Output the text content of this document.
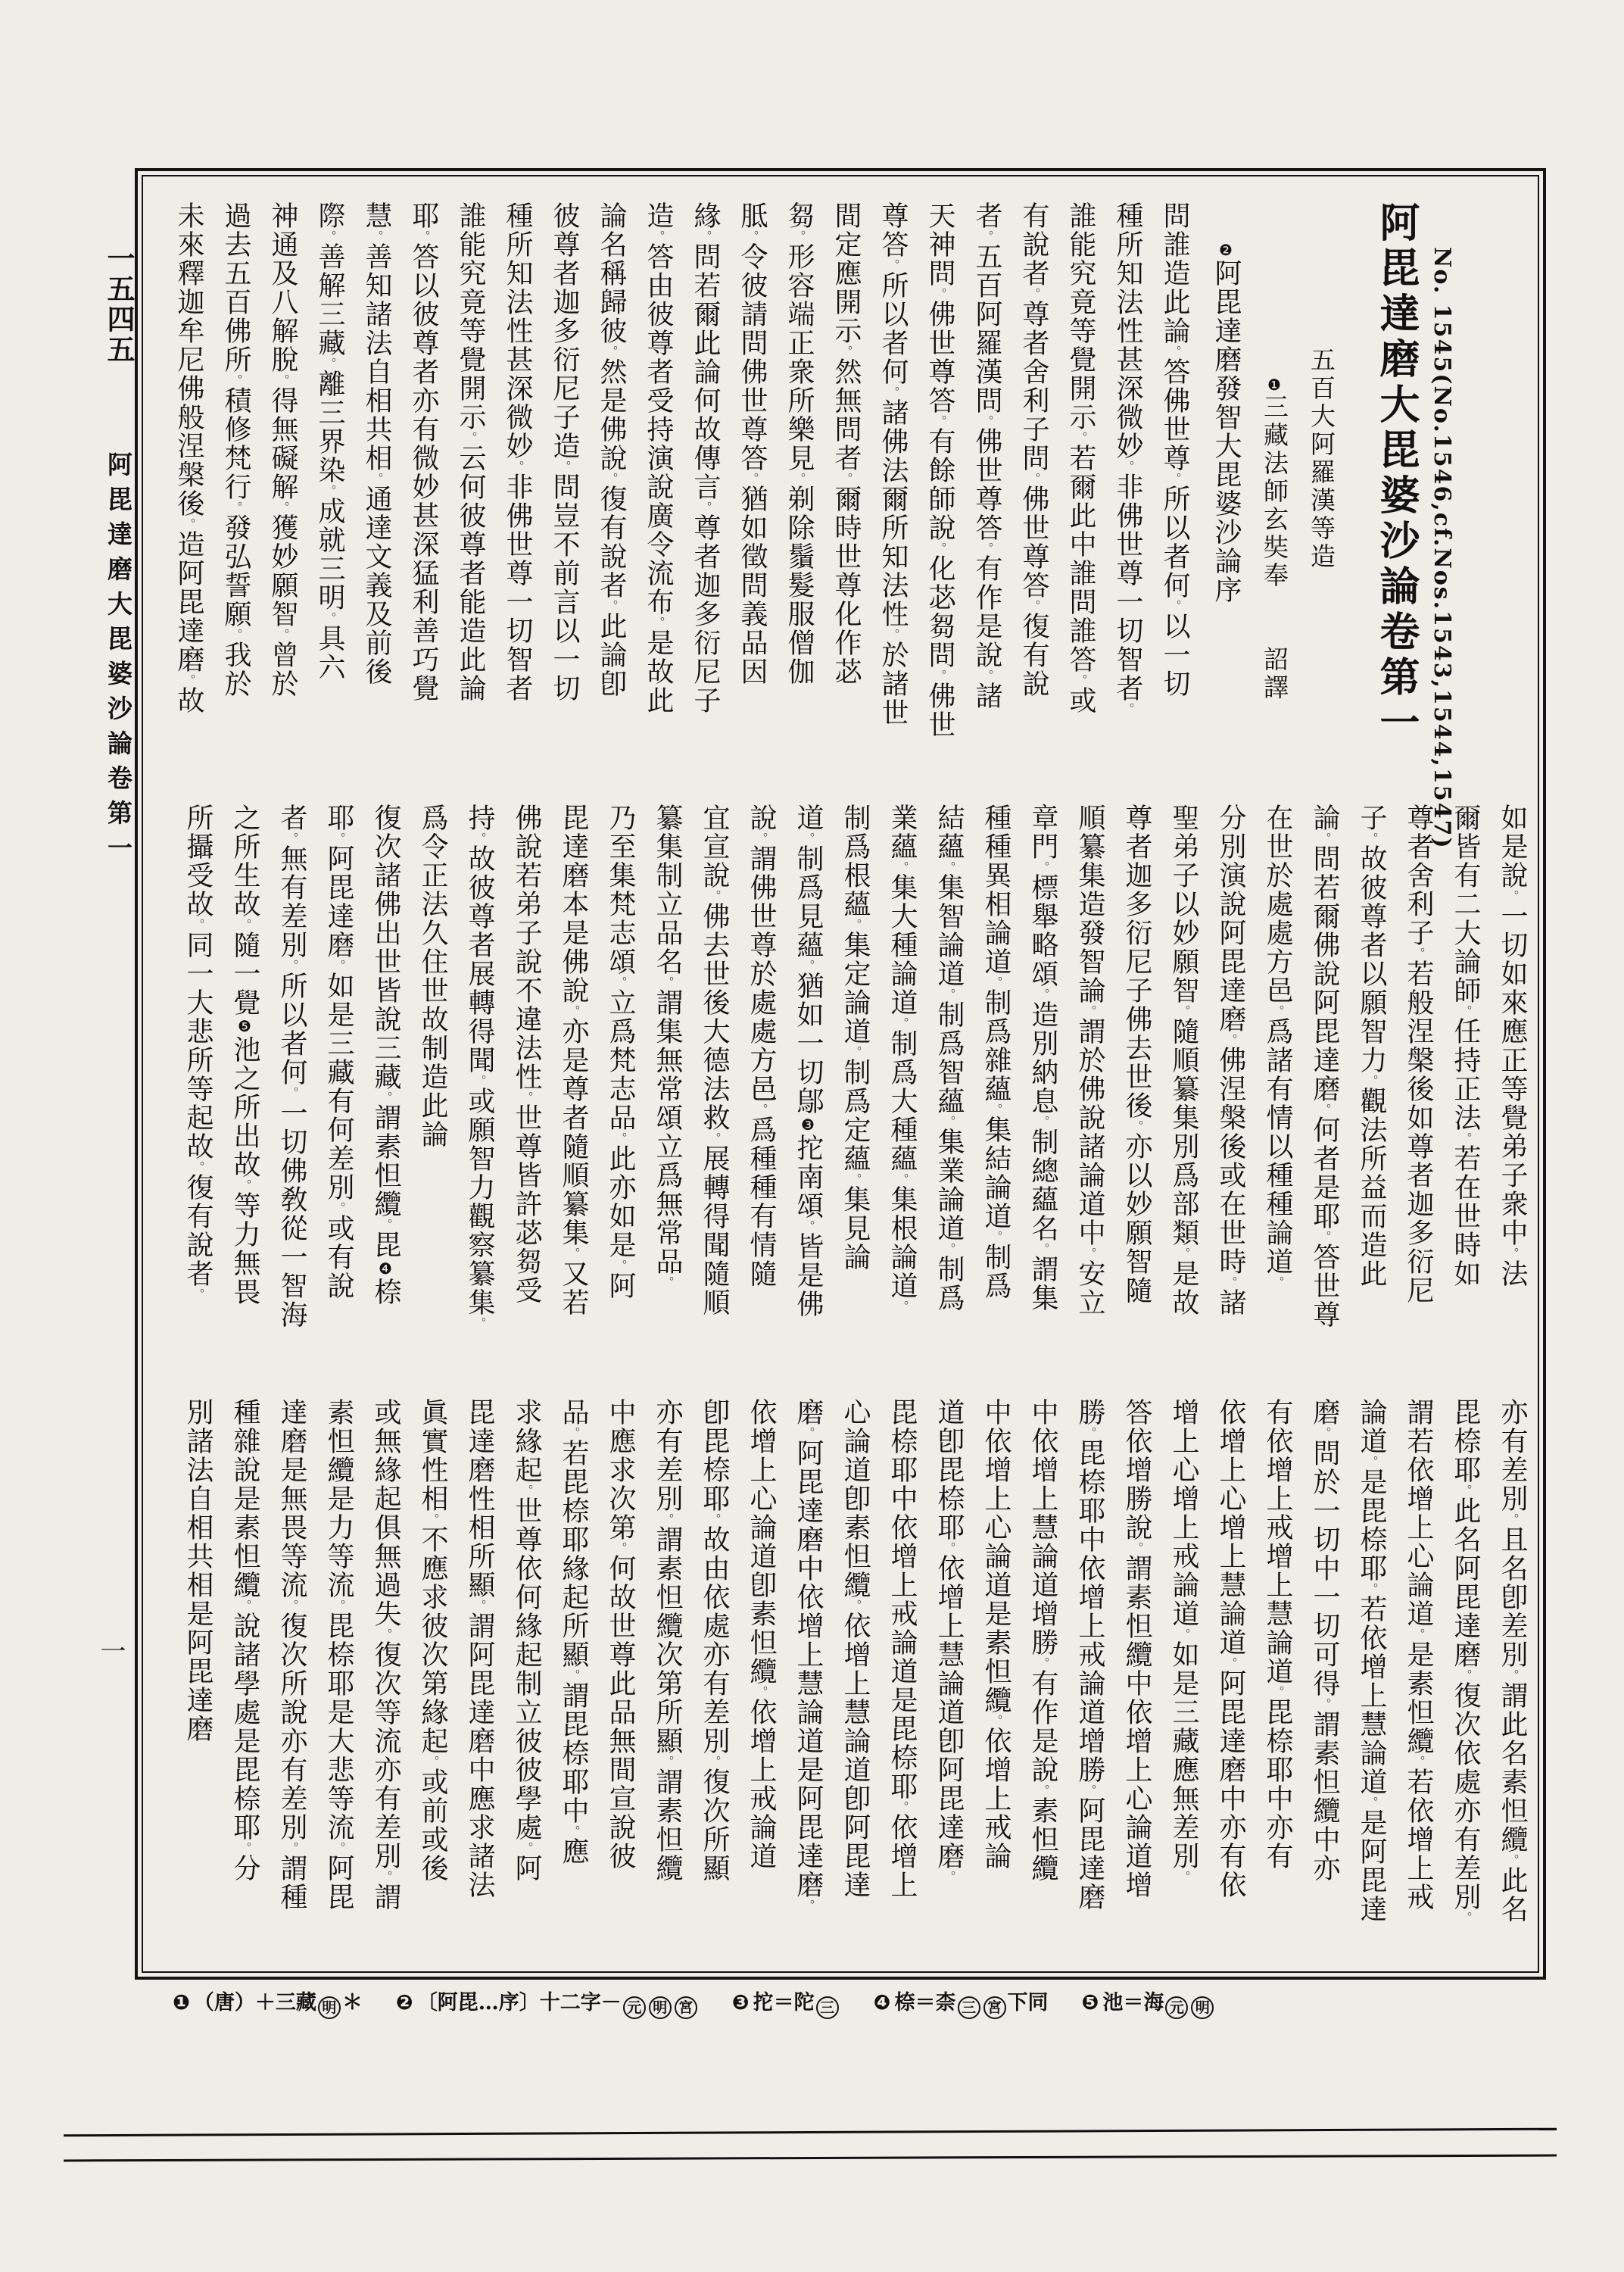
一五四五
阿毘達磨大毘婆沙論卷第一
一
No. 1545(No.1546,cf.Nos.1543,1544,1547)
阿毘達磨大毘婆沙論卷第一
五百大阿羅漢等造
❶三藏法師玄奘奉　　詔譯
❷阿毘達磨發智大毘婆沙論序
問誰造此論。答佛世尊。所以者何。以一切
種所知法性甚深微妙。非佛世尊一切智者。
誰能究竟等覺開示。若爾此中誰問誰答。或
有說者。尊者舍利子問。佛世尊答。復有說
者。五百阿羅漢問。佛世尊答。有作是說。諸
天神問。佛世尊答。有餘師說。化苾芻問。佛世
尊答。所以者何。諸佛法爾所知法性。於諸世
間定應開示。然無問者。爾時世尊化作苾
芻。形容端正衆所樂見。剃除鬚髮服僧伽
胝。令彼請問佛世尊答。猶如徵問義品因
緣。問若爾此論何故傳言。尊者迦多衍尼子
造。答由彼尊者受持演說廣令流布。是故此
論名稱歸彼。然是佛說。復有說者。此論卽
彼尊者迦多衍尼子造。問豈不前言以一切
種所知法性甚深微妙。非佛世尊一切智者
誰能究竟等覺開示。云何彼尊者能造此論
耶。答以彼尊者亦有微妙甚深猛利善巧覺
慧。善知諸法自相共相。通達文義及前後
際。善解三藏。離三界染。成就三明。具六
神通及八解脫。得無礙解。獲妙願智。曾於
過去五百佛所。積修梵行。發弘誓願。我於
未來釋迦牟尼佛般涅槃後。造阿毘達磨。故
如是說。一切如來應正等覺弟子衆中。法
爾皆有二大論師。任持正法。若在世時如
尊者舍利子。若般涅槃後如尊者迦多衍尼
子。故彼尊者以願智力。觀法所益而造此
論。問若爾佛說阿毘達磨。何者是耶。答世尊
在世於處處方邑。爲諸有情以種種論道。
分別演說阿毘達磨。佛涅槃後或在世時。諸
聖弟子以妙願智。隨順纂集別爲部類。是故
尊者迦多衍尼子佛去世後。亦以妙願智隨
順纂集造發智論。謂於佛說諸論道中。安立
章門。標舉略頌。造別納息。制總蘊名。謂集
種種異相論道。制爲雜蘊。集結論道。制爲
結蘊。集智論道。制爲智蘊。集業論道。制爲
業蘊。集大種論道。制爲大種蘊。集根論道。
制爲根蘊。集定論道。制爲定蘊。集見論
道。制爲見蘊。猶如一切鄔❸拕南頌。皆是佛
說。謂佛世尊於處處方邑。爲種種有情隨
宜宣說。佛去世後大德法救。展轉得聞隨順
纂集制立品名。謂集無常頌立爲無常品。
乃至集梵志頌。立爲梵志品。此亦如是。阿
毘達磨本是佛說。亦是尊者隨順纂集。又若
佛說若弟子說不違法性。世尊皆許苾芻受
持。故彼尊者展轉得聞。或願智力觀察纂集。
爲令正法久住世故制造此論
復次諸佛出世皆說三藏。謂素怛纜。毘❹㮈
耶。阿毘達磨。如是三藏有何差別。或有說
者。無有差別。所以者何。一切佛敎從一智海
之所生故。隨一覺❺池之所出故。等力無畏
所攝受故。同一大悲所等起故。復有說者。
亦有差別。且名卽差別。謂此名素怛纜。此名
毘㮈耶。此名阿毘達磨。復次依處亦有差別。
謂若依增上心論道。是素怛纜。若依增上戒
論道。是毘㮈耶。若依增上慧論道。是阿毘達
磨。問於一切中一切可得。謂素怛纜中亦
有依增上戒增上慧論道。毘㮈耶中亦有
依增上心增上慧論道。阿毘達磨中亦有依
增上心增上戒論道。如是三藏應無差別。
答依增勝說。謂素怛纜中依增上心論道增
勝。毘㮈耶中依增上戒論道增勝。阿毘達磨
中依增上慧論道增勝。有作是說。素怛纜
中依增上心論道是素怛纜。依增上戒論
道卽毘㮈耶。依增上慧論道卽阿毘達磨。
毘㮈耶中依增上戒論道是毘㮈耶。依增上
心論道卽素怛纜。依增上慧論道卽阿毘達
磨。阿毘達磨中依增上慧論道是阿毘達磨。
依增上心論道卽素怛纜。依增上戒論道
卽毘㮈耶。故由依處亦有差別。復次所顯
亦有差別。謂素怛纜次第所顯。謂素怛纜
中應求次第。何故世尊此品無間宣說彼
品。若毘㮈耶緣起所顯。謂毘㮈耶中。應
求緣起。世尊依何緣起制立彼彼學處。阿
毘達磨性相所顯。謂阿毘達磨中應求諸法
眞實性相。不應求彼次第緣起。或前或後
或無緣起俱無過失。復次等流亦有差別。謂
素怛纜是力等流。毘㮈耶是大悲等流。阿毘
達磨是無畏等流。復次所說亦有差別。謂種
種雜說是素怛纜。說諸學處是毘㮈耶。分
別諸法自相共相是阿毘達磨
❶ （唐）＋三藏 明 ＊ ❷ 〔阿毘…序〕十二字－ 元 明 宮 ❸ 拕＝陀 三 ❹ 㮈＝柰 三 宮 下同 ❺ 池＝海 元 明
